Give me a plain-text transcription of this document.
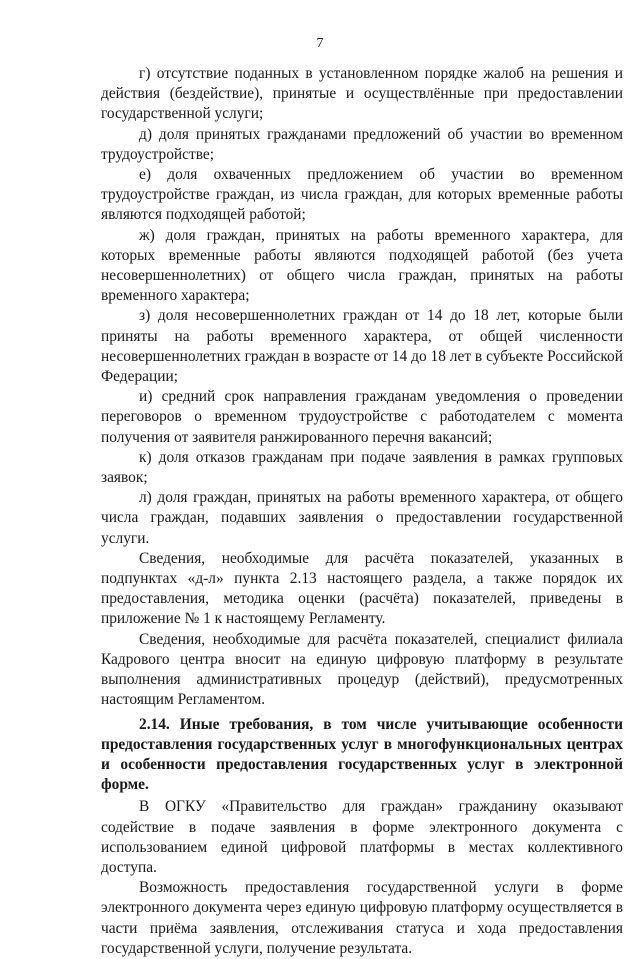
7

г) отсутствие поданных в установленном порядке жалоб на решения и действия (бездействие), принятые и осуществлённые при предоставлении государственной услуги;

д) доля принятых гражданами предложений об участии во временном трудоустройстве;

е) доля охваченных предложением об участии во временном трудоустройстве граждан, из числа граждан, для которых временные работы являются подходящей работой;

ж) доля граждан, принятых на работы временного характера, для которых временные работы являются подходящей работой (без учета несовершеннолетних) от общего числа граждан, принятых на работы временного характера;

з) доля несовершеннолетних граждан от 14 до 18 лет, которые были приняты на работы временного характера, от общей численности несовершеннолетних граждан в возрасте от 14 до 18 лет в субъекте Российской Федерации;

и) средний срок направления гражданам уведомления о проведении переговоров о временном трудоустройстве с работодателем с момента получения от заявителя ранжированного перечня вакансий;

к) доля отказов гражданам при подаче заявления в рамках групповых заявок;

л) доля граждан, принятых на работы временного характера, от общего числа граждан, подавших заявления о предоставлении государственной услуги.

Сведения, необходимые для расчёта показателей, указанных в подпунктах «д-л» пункта 2.13 настоящего раздела, а также порядок их предоставления, методика оценки (расчёта) показателей, приведены в приложение № 1 к настоящему Регламенту.

Сведения, необходимые для расчёта показателей, специалист филиала Кадрового центра вносит на единую цифровую платформу в результате выполнения административных процедур (действий), предусмотренных настоящим Регламентом.

2.14. Иные требования, в том числе учитывающие особенности предоставления государственных услуг в многофункциональных центрах и особенности предоставления государственных услуг в электронной форме.

В ОГКУ «Правительство для граждан» гражданину оказывают содействие в подаче заявления в форме электронного документа с использованием единой цифровой платформы в местах коллективного доступа.

Возможность предоставления государственной услуги в форме электронного документа через единую цифровую платформу осуществляется в части приёма заявления, отслеживания статуса и хода предоставления государственной услуги, получение результата.
